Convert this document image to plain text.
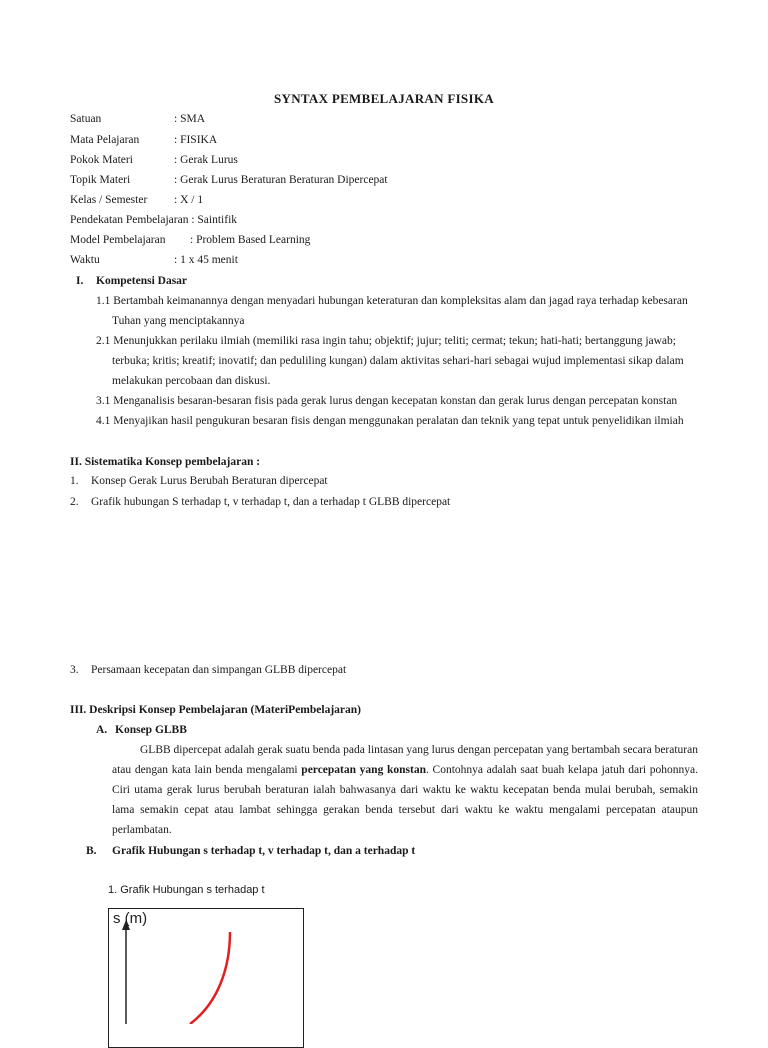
SYNTAX PEMBELAJARAN FISIKA
Satuan	: SMA
Mata Pelajaran	: FISIKA
Pokok Materi	: Gerak Lurus
Topik Materi	: Gerak Lurus Beraturan Beraturan Dipercepat
Kelas / Semester : X / 1
Pendekatan Pembelajaran : Saintifik
Model Pembelajaran : Problem Based Learning
Waktu	: 1 x 45 menit
I. Kompetensi Dasar
1.1 Bertambah keimanannya dengan menyadari hubungan keteraturan dan kompleksitas alam dan jagad raya terhadap kebesaran
Tuhan yang menciptakannya
2.1 Menunjukkan perilaku ilmiah (memiliki rasa ingin tahu; objektif; jujur; teliti; cermat; tekun; hati-hati; bertanggung jawab;
terbuka; kritis; kreatif; inovatif; dan peduliling kungan) dalam aktivitas sehari-hari sebagai wujud implementasi sikap dalam
melakukan percobaan dan diskusi.
3.1 Menganalisis besaran-besaran fisis pada gerak lurus dengan kecepatan konstan dan gerak lurus dengan percepatan konstan
4.1 Menyajikan hasil pengukuran besaran fisis dengan menggunakan peralatan dan teknik yang tepat untuk penyelidikan ilmiah
II. Sistematika Konsep pembelajaran :
1. Konsep Gerak Lurus Berubah Beraturan dipercepat
2. Grafik hubungan S terhadap t, v terhadap t, dan a terhadap t GLBB dipercepat
3. Persamaan kecepatan dan simpangan GLBB dipercepat
III. Deskripsi Konsep Pembelajaran (MateriPembelajaran)
A. Konsep GLBB

GLBB dipercepat adalah gerak suatu benda pada lintasan yang lurus dengan percepatan yang bertambah secara beraturan atau dengan kata lain benda mengalami percepatan yang konstan. Contohnya adalah saat buah kelapa jatuh dari pohonnya. Ciri utama gerak lurus berubah beraturan ialah bahwasanya dari waktu ke waktu kecepatan benda mulai berubah, semakin lama semakin cepat atau lambat sehingga gerakan benda tersebut dari waktu ke waktu mengalami percepatan ataupun perlambatan.

B. Grafik Hubungan s terhadap t, v terhadap t, dan a terhadap t
1. Grafik Hubungan s terhadap t
s (m)
